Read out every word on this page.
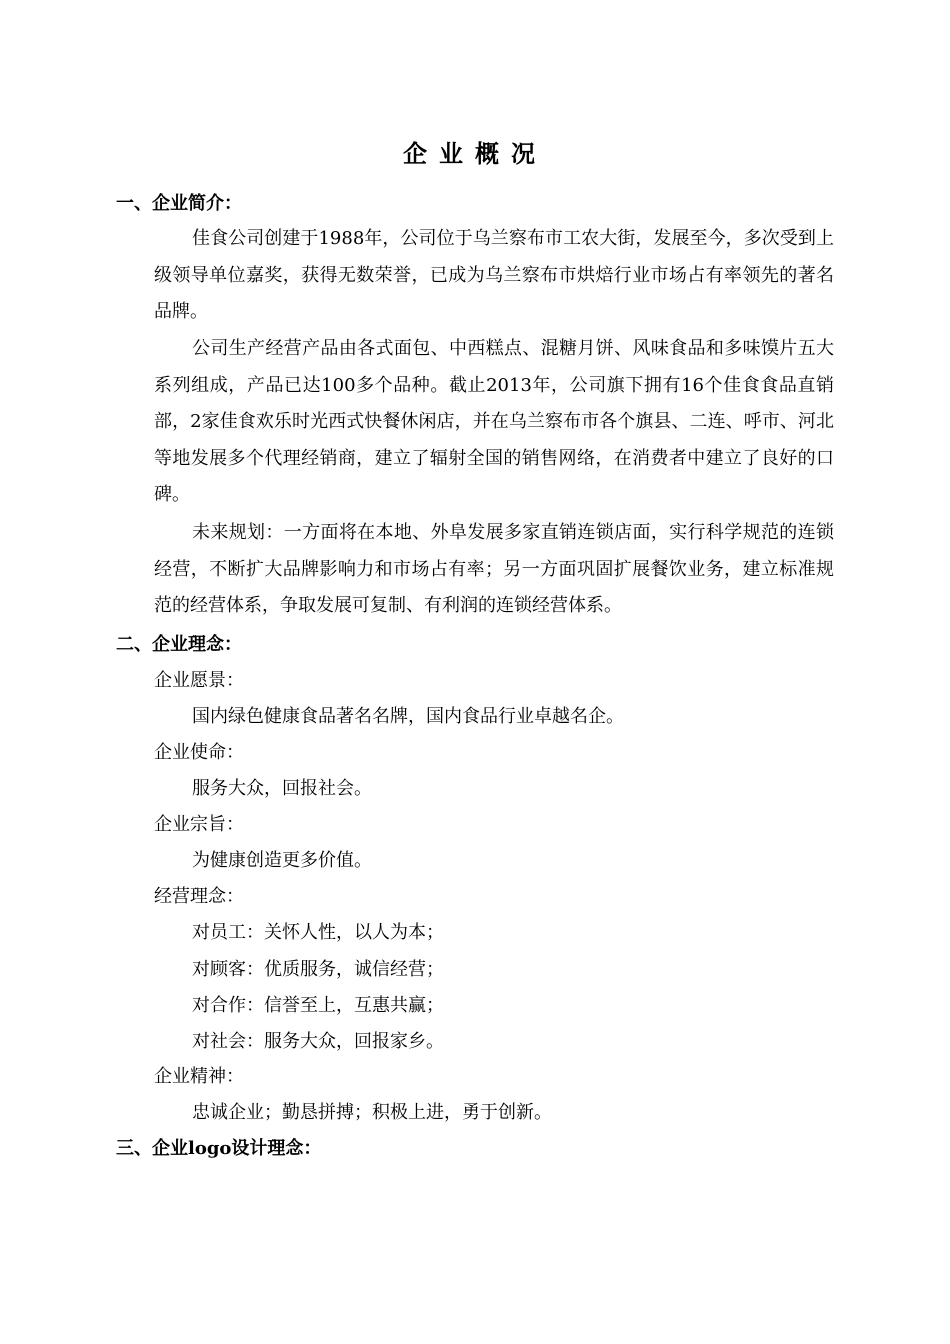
企业概况
一、企业简介：

佳食公司创建于1988年，公司位于乌兰察布市工农大街，发展至今，多次受到上级领导单位嘉奖，获得无数荣誉，已成为乌兰察布市烘焙行业市场占有率领先的著名品牌。

公司生产经营产品由各式面包、中西糕点、混糖月饼、风味食品和多味馍片五大系列组成，产品已达100多个品种。截止2013年，公司旗下拥有16个佳食食品直销部，2家佳食欢乐时光西式快餐休闲店，并在乌兰察布市各个旗县、二连、呼市、河北等地发展多个代理经销商，建立了辐射全国的销售网络，在消费者中建立了良好的口碑。

未来规划：一方面将在本地、外阜发展多家直销连锁店面，实行科学规范的连锁经营，不断扩大品牌影响力和市场占有率；另一方面巩固扩展餐饮业务，建立标准规范的经营体系，争取发展可复制、有利润的连锁经营体系。

二、企业理念：
企业愿景：
国内绿色健康食品著名名牌，国内食品行业卓越名企。
企业使命：
服务大众，回报社会。
企业宗旨：
为健康创造更多价值。
经营理念：
对员工：关怀人性，以人为本；
对顾客：优质服务，诚信经营；
对合作：信誉至上，互惠共赢；
对社会：服务大众，回报家乡。
企业精神：
忠诚企业；勤恳拼搏；积极上进，勇于创新。
三、企业logo设计理念：
